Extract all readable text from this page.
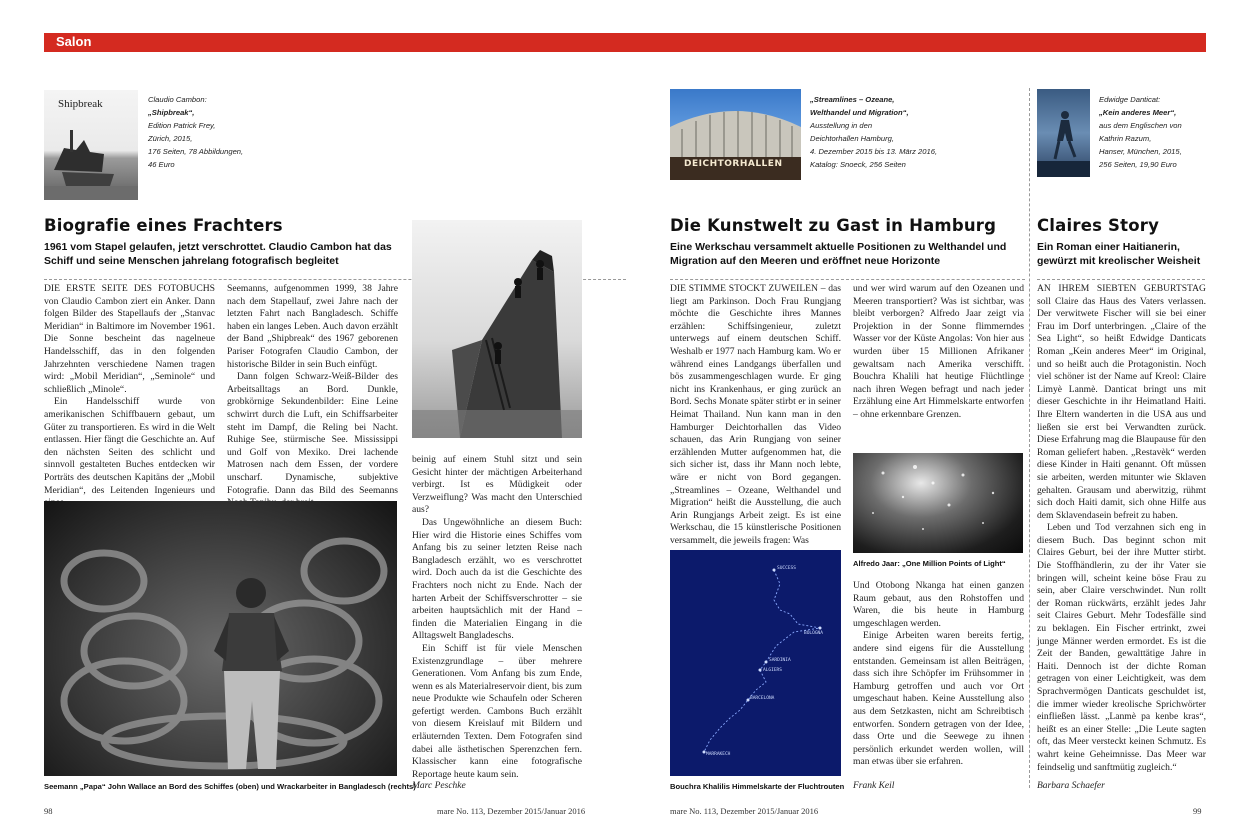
Salon
Shipbreak	Claudio Cambon:
„Shipbreak“,
Edition Patrick Frey,
Zürich, 2015,
176 Seiten, 78 Abbildungen,
46 Euro
Biografie eines Frachters
1961 vom Stapel gelaufen, jetzt verschrottet. Claudio Cambon hat das Schiff und seine Menschen jahrelang fotografisch begleitet

DIE ERSTE SEITE DES FOTOBUCHS von Claudio Cambon ziert ein Anker. Dann folgen Bilder des Stapellaufs der „Stanvac Meridian“ in Baltimore im November 1961. Die Sonne bescheint das nagelneue Handelsschiff, das in den folgenden Jahrzehnten verschiedene Namen tragen wird: „Mobil Meridian“, „Seminole“ und schließlich „Minole“.

Ein Handelsschiff wurde von amerikanischen Schiffbauern gebaut, um Güter zu transportieren. Es wird in die Welt entlassen. Hier fängt die Geschichte an. Auf den nächsten Seiten des schlicht und sinnvoll gestalteten Buches entdecken wir Porträts des deutschen Kapitäns der „Mobil Meridian“, des Leitenden Ingenieurs und

Seemanns, aufgenommen 1999, 38 Jahre nach dem Stapellauf, zwei Jahre nach der letzten Fahrt nach Bangladesch. Schiffe haben ein langes Leben. Auch davon erzählt der Band „Shipbreak“ des 1967 geborenen Pariser Fotografen Claudio Cambon, der historische Bilder in sein Buch einfügt.

Dann folgen Schwarz-Weiß-Bilder des Arbeitsalltags an Bord. Dunkle, grobkörnige Sekundenbilder: Eine Leine schwirrt durch die Luft, ein Schiffsarbeiter steht im Dampf, die Reling bei Nacht. Ruhige See, stürmische See. Mississippi und Golf von Mexiko. Drei lachende Matrosen nach dem Essen, der vordere unscharf. Dynamische, subjektive Fotografie. Dann das Bild des Seemanns

beinig auf einem Stuhl sitzt und sein Gesicht hinter der mächtigen Arbeiterhand verbirgt. Ist es Müdigkeit oder Verzweiflung? Was macht den Unterschied aus?

Das Ungewöhnliche an diesem Buch: Hier wird die Historie eines Schiffes vom Anfang bis zu seiner letzten Reise nach Bangladesch erzählt, wo es verschrottet wird. Doch auch da ist die Geschichte des Frachters noch nicht zu Ende. Nach der harten Arbeit der Schiffsverschrotter – sie arbeiten hauptsächlich mit der Hand – finden die Materialien Eingang in die Alltagswelt Bangladeschs.

Ein Schiff ist für viele Menschen Existenzgrundlage – über mehrere Generationen. Vom Anfang bis zum Ende, wenn es als Materialreservoir dient, bis zum neue Produkte wie Schaufeln oder Scheren gefertigt werden. Cambons Buch erzählt von diesem Kreislauf mit Bildern und erläuternden Texten. Dem Fotografen sind dabei alle ästhetischen Sperenzchen fern. Klassischer kann eine fotografische Reportage heute kaum sein.

Seemann „Papa“ John Wallace an Bord des Schiffes (oben) und Wrackarbeiter in Bangladesch (rechts)
Marc Peschke
DEICHTORHALLEN
„Streamlines – Ozeane,
Welthandel und Migration“,
Ausstellung in den
Deichtorhallen Hamburg,
4. Dezember 2015 bis 13. März 2016,
Katalog: Snoeck, 256 Seiten
Die Kunstwelt zu Gast in Hamburg
Eine Werkschau versammelt aktuelle Positionen zu Welthandel und Migration auf den Meeren und eröffnet neue Horizonte

DIE STIMME STOCKT ZUWEILEN – das liegt am Parkinson. Doch Frau Rungjang möchte die Geschichte ihres Mannes erzählen: Schiffsingenieur, zuletzt unterwegs auf einem deutschen Schiff. Weshalb er 1977 nach Hamburg kam. Wo er während eines Landgangs überfallen und bös zusammengeschlagen wurde. Er ging nicht ins Krankenhaus, er ging zurück an Bord. Sechs Monate später stirbt er in seiner Heimat Thailand. Nun kann man in den Hamburger Deichtorhallen das Video schauen, das Arin Rungjang von seiner erzählenden Mutter aufgenommen hat, die sich sicher ist, dass ihr Mann noch lebte, wäre er nicht von Bord gegangen. „Streamlines – Ozeane, Welthandel und Migration“ heißt die Ausstellung, die auch Arin Rungjangs Arbeit zeigt. Es ist eine Werkschau, die 15 künstlerische Positionen versammelt, die jeweils fragen: Was

und wer wird warum auf den Ozeanen und Meeren transportiert? Was ist sichtbar, was bleibt verborgen? Alfredo Jaar zeigt via Projektion in der Sonne flimmerndes Wasser vor der Küste Angolas: Von hier aus wurden über 15 Millionen Afrikaner gewaltsam nach Amerika verschifft. Bouchra Khalili hat heutige Flüchtlinge nach ihren Wegen befragt und nach jeder Erzählung eine Art Himmelskarte entworfen – ohne erkennbare Grenzen.

Alfredo Jaar: „One Million Points of Light“

Und Otobong Nkanga hat einen ganzen Raum gebaut, aus den Rohstoffen und Waren, die bis heute in Hamburg umgeschlagen werden.

Einige Arbeiten waren bereits fertig, andere sind eigens für die Ausstellung entstanden. Gemeinsam ist allen Beiträgen, dass sich ihre Schöpfer im Frühsommer in Hamburg getroffen und auch vor Ort umgeschaut haben. Keine Ausstellung also aus dem Setzkasten, nicht am Schreibtisch entworfen. Sondern getragen von der Idee, dass Orte und die Seewege zu ihnen persönlich erkundet werden wollen, will man etwas über sie erfahren.

SUCCESS
BOLOGNA
SARDINIA
ALGIERS
BARCELONA
MARRAKECH
Bouchra Khalilis Himmelskarte der Fluchtrouten Frank Keil
Edwidge Danticat:
„Kein anderes Meer“,
aus dem Englischen von
Kathrin Razum,
Hanser, München, 2015,
256 Seiten, 19,90 Euro
Claires Story
Ein Roman einer Haitianerin, gewürzt mit kreolischer Weisheit

AN IHREM SIEBTEN GEBURTSTAG soll Claire das Haus des Vaters verlassen. Der verwitwete Fischer will sie bei einer Frau im Dorf unterbringen. „Claire of the Sea Light“, so heißt Edwidge Danticats Roman „Kein anderes Meer“ im Original, und so heißt auch die Protagonistin. Noch viel schöner ist der Name auf Kreol: Claire Limyè Lanmè. Danticat bringt uns mit dieser Geschichte in ihr Heimatland Haiti. Ihre Eltern wanderten in die USA aus und ließen sie erst bei Verwandten zurück. Diese Erfahrung mag die Blaupause für den Roman geliefert haben. „Restavèk“ werden diese Kinder in Haiti genannt. Oft müssen sie arbeiten, werden mitunter wie Sklaven gehalten. Grausam und aberwitzig, rühmt sich doch Haiti damit, sich ohne Hilfe aus dem Sklavendasein befreit zu haben.

Leben und Tod verzahnen sich eng in diesem Buch. Das beginnt schon mit Claires Geburt, bei der ihre Mutter stirbt. Die Stoffhändlerin, zu der ihr Vater sie bringen will, scheint keine böse Frau zu sein, aber Claire verschwindet. Nun rollt der Roman rückwärts, erzählt jedes Jahr seit Claires Geburt. Mehr Todesfälle sind zu beklagen. Ein Fischer ertrinkt, zwei junge Männer werden ermordet. Es ist die Zeit der Banden, gewalttätige Jahre in Haiti. Dennoch ist der dichte Roman getragen von einer Leichtigkeit, was dem Sprachvermögen Danticats geschuldet ist, die immer wieder kreolische Sprichwörter einfließen lässt. „Lanmè pa kenbe kras“, heißt es an einer Stelle: „Die Leute sagten oft, das Meer versteckt keinen Schmutz. Es wahrt keine Geheimnisse. Das Meer war feindselig und sanftmütig zugleich.“

Barbara Schaefer
98	mare No. 113, Dezember 2015/Januar 2016	mare No. 113, Dezember 2015/Januar 2016	99
